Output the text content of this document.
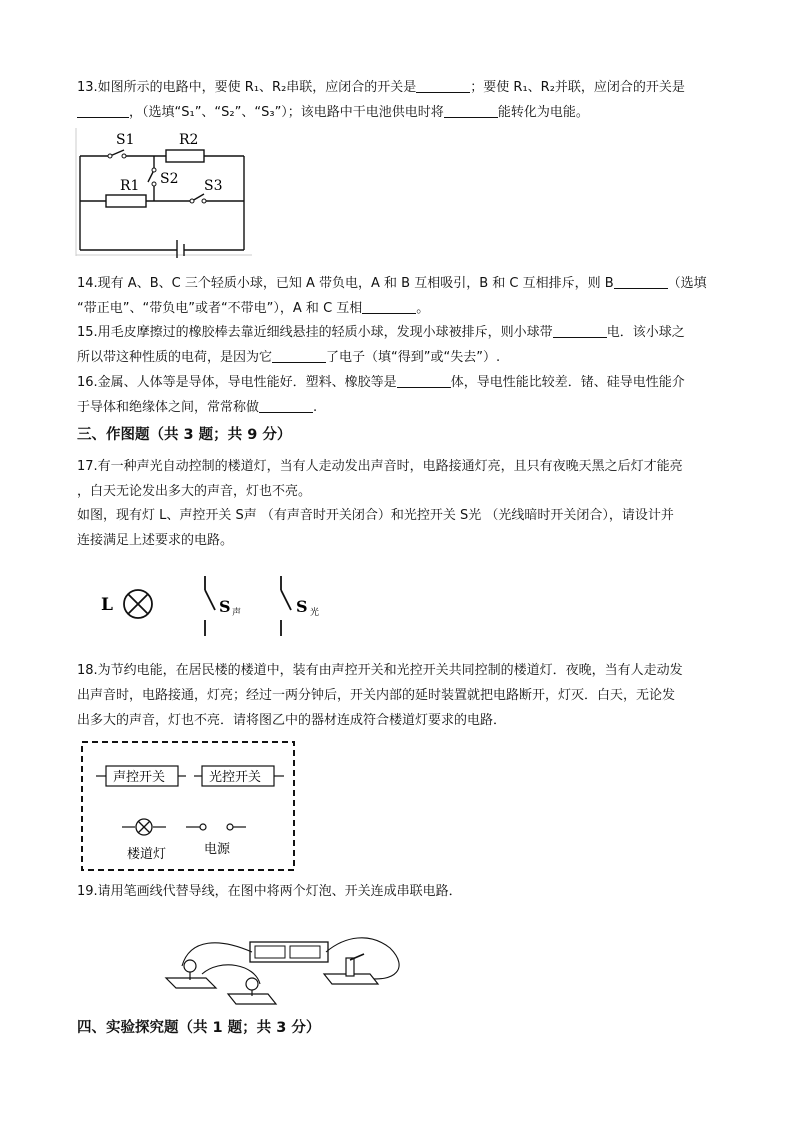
13.如图所示的电路中，要使 R₁、R₂串联，应闭合的开关是	；要使 R₁、R₂并联，应闭合的开关是
，（选填“S₁”、“S₂”、“S₃”）；该电路中干电池供电时将	能转化为电能。
S1	R2
R1 S2 S3
14.现有 A、B、C 三个轻质小球，已知 A 带负电，A 和 B 互相吸引，B 和 C 互相排斥，则 B	（选填
“带正电”、“带负电”或者“不带电”），A 和 C 互相	。
15.用毛皮摩擦过的橡胶棒去靠近细线悬挂的轻质小球，发现小球被排斥，则小球带	电．该小球之
所以带这种性质的电荷，是因为它	了电子（填“得到”或“失去”）.
16.金属、人体等是导体，导电性能好．塑料、橡胶等是	体，导电性能比较差．锗、硅导电性能介
于导体和绝缘体之间，常常称做	.
三、作图题（共 3 题；共 9 分）
17.有一种声光自动控制的楼道灯，当有人走动发出声音时，电路接通灯亮，且只有夜晚天黑之后灯才能亮
，白天无论发出多大的声音，灯也不亮。
如图，现有灯 L、声控开关 S声 （有声音时开关闭合）和光控开关 S光 （光线暗时开关闭合），请设计并
连接满足上述要求的电路。
L	S 声	S 光
18.为节约电能，在居民楼的楼道中，装有由声控开关和光控开关共同控制的楼道灯．夜晚，当有人走动发
出声音时，电路接通，灯亮；经过一两分钟后，开关内部的延时装置就把电路断开，灯灭．白天，无论发
出多大的声音，灯也不亮．请将图乙中的器材连成符合楼道灯要求的电路．
声控开关	光控开关
楼道灯	电源
19.请用笔画线代替导线，在图中将两个灯泡、开关连成串联电路．
四、实验探究题（共 1 题；共 3 分）
